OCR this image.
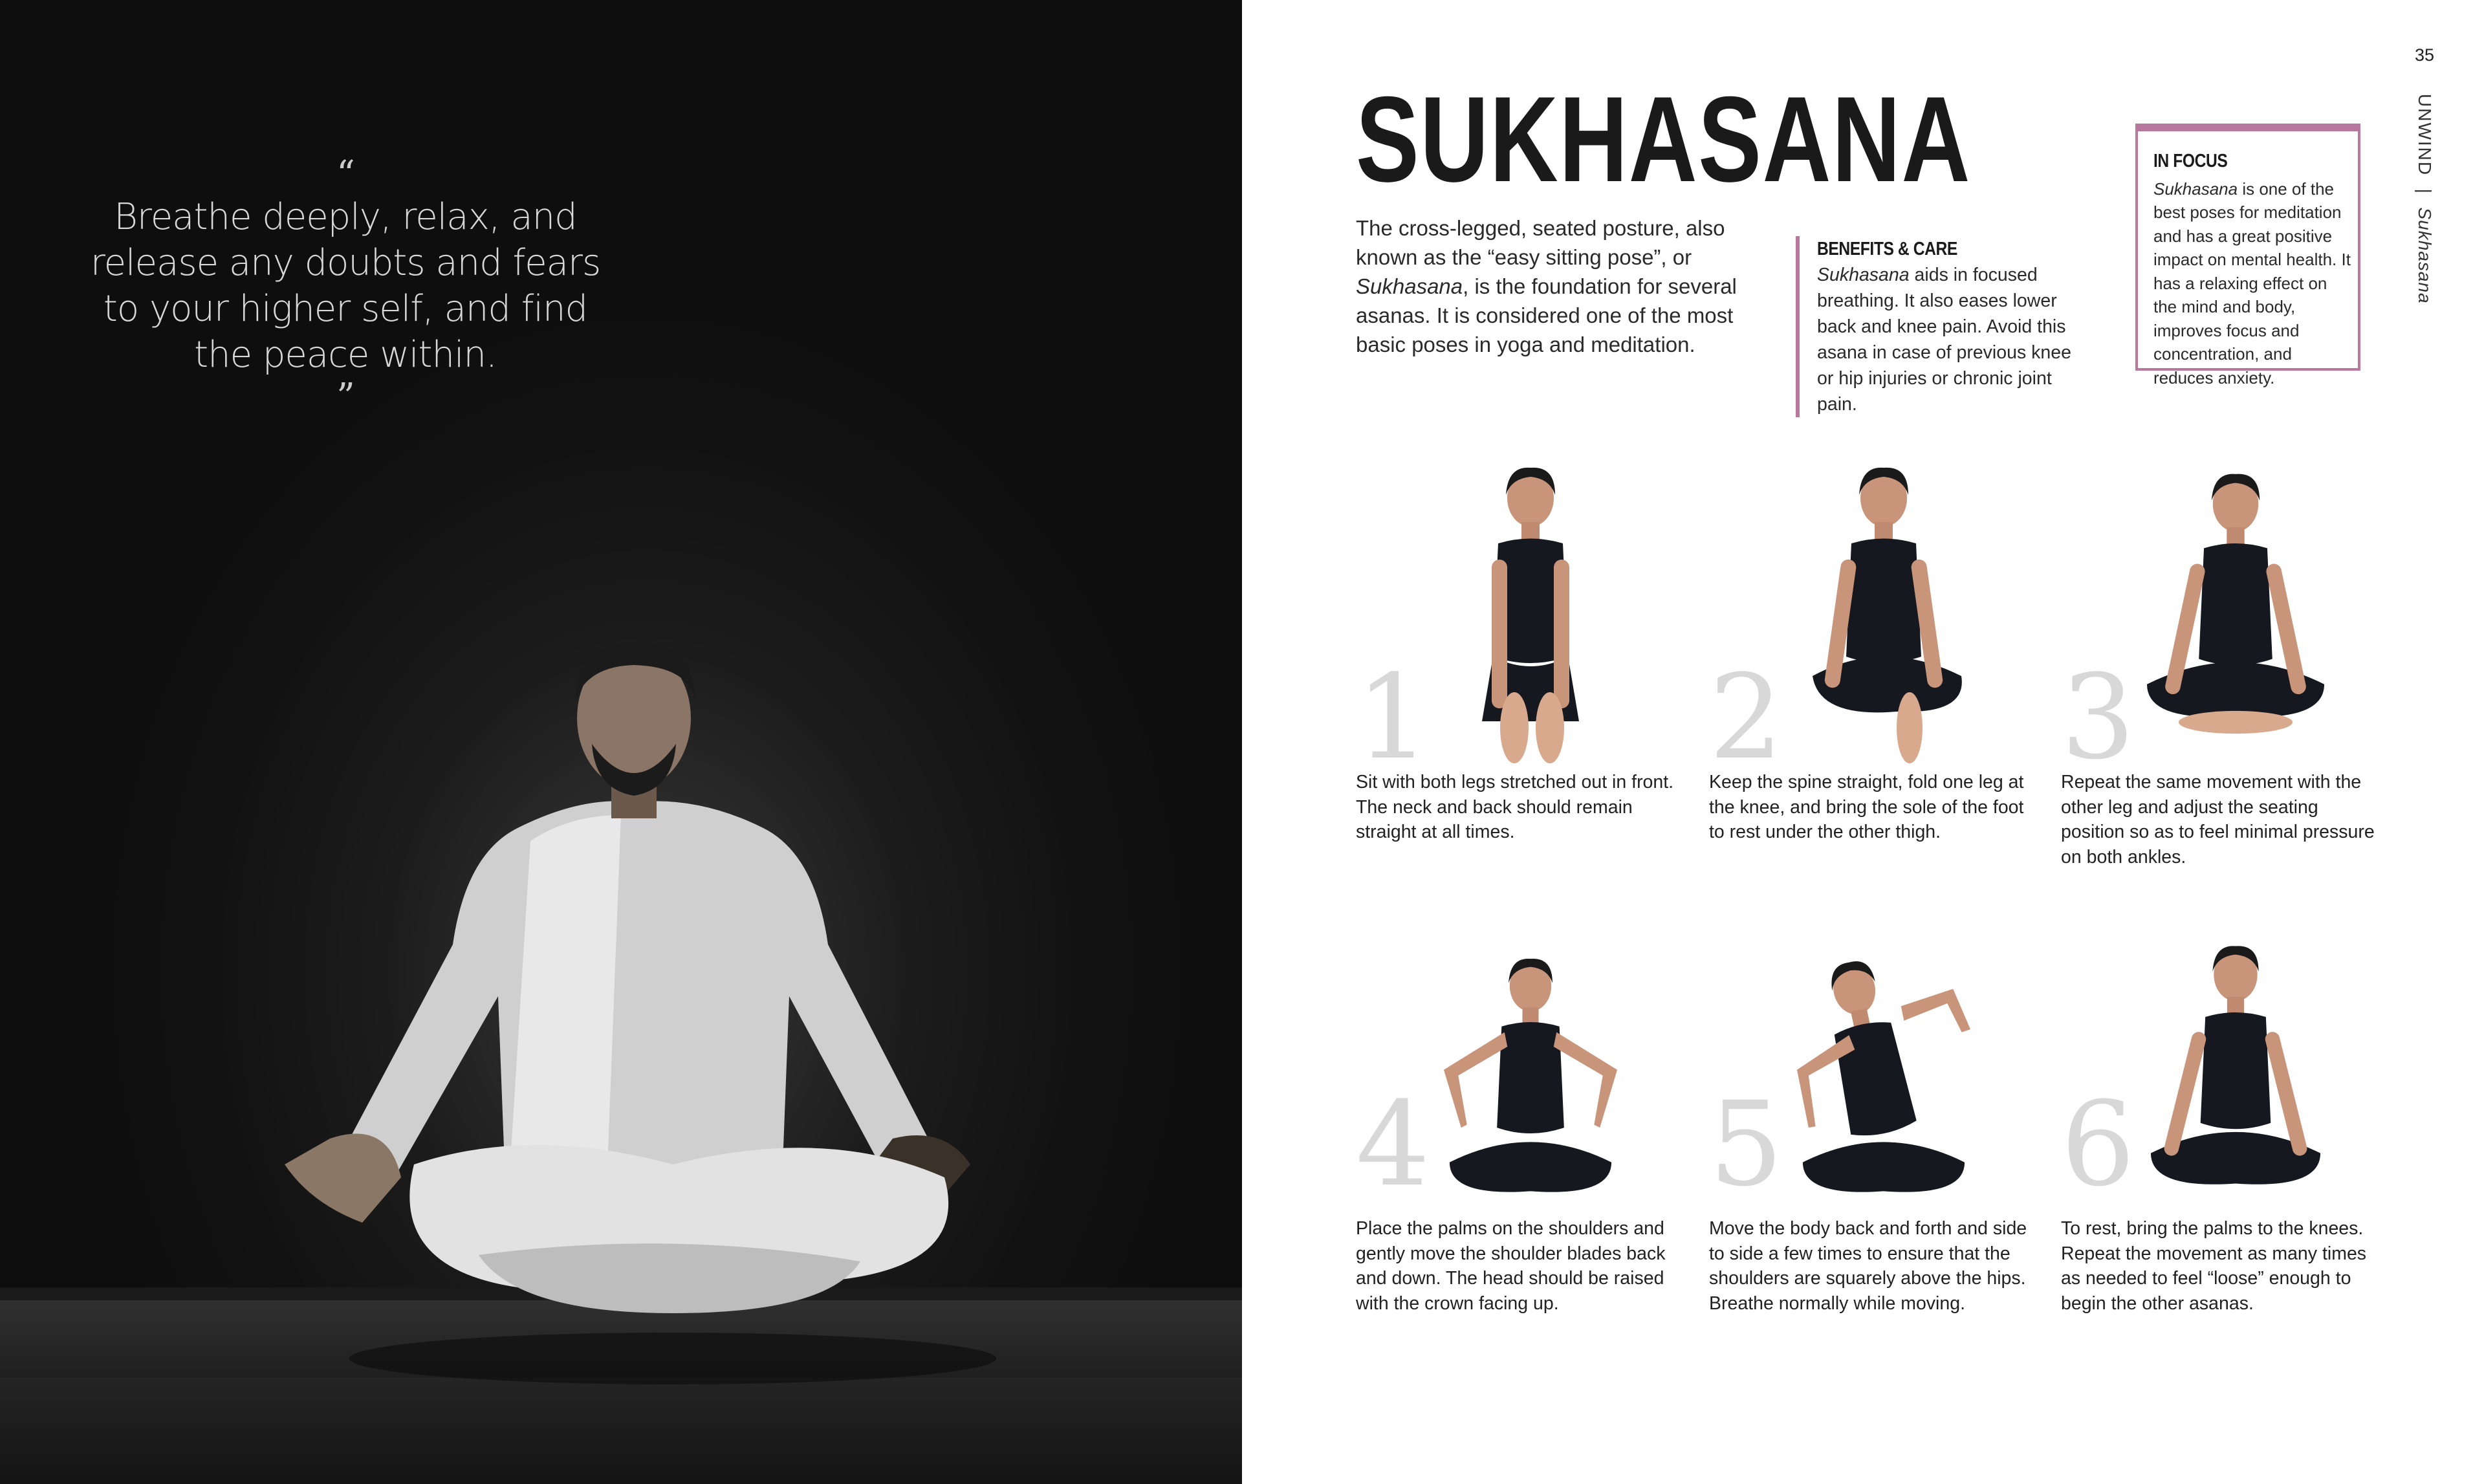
“
Breathe deeply, relax, and
release any doubts and fears
to your higher self, and find
the peace within.
”
35
UNWIND  |  Sukhasana
SUKHASANA
The cross-legged, seated posture, also known as the “easy sitting pose”, or Sukhasana, is the foundation for several asanas. It is considered one of the most basic poses in yoga and meditation.
BENEFITS & CARE
Sukhasana aids in focused breathing. It also eases lower back and knee pain. Avoid this asana in case of previous knee or hip injuries or chronic joint pain.
IN FOCUS
Sukhasana is one of the best poses for meditation and has a great positive impact on mental health. It has a relaxing effect on the mind and body, improves focus and concentration, and reduces anxiety.
1
Sit with both legs stretched out in front. The neck and back should remain straight at all times.
2
Keep the spine straight, fold one leg at the knee, and bring the sole of the foot to rest under the other thigh.
3
Repeat the same movement with the other leg and adjust the seating position so as to feel minimal pressure on both ankles.
4
Place the palms on the shoulders and gently move the shoulder blades back and down. The head should be raised with the crown facing up.
5
Move the body back and forth and side to side a few times to ensure that the shoulders are squarely above the hips. Breathe normally while moving.
6
To rest, bring the palms to the knees. Repeat the movement as many times as needed to feel “loose” enough to begin the other asanas.
